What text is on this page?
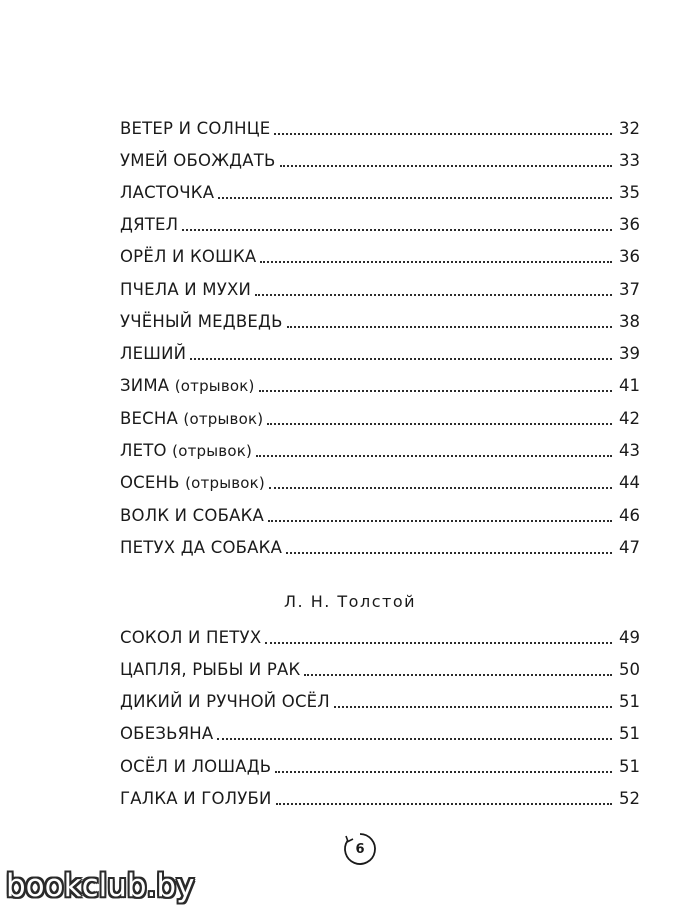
ВЕТЕР И СОЛНЦЕ	32
УМЕЙ ОБОЖДАТЬ	33
ЛАСТОЧКА	35
ДЯТЕЛ	36
ОРЁЛ И КОШКА	36
ПЧЕЛА И МУХИ	37
УЧЁНЫЙ МЕДВЕДЬ	38
ЛЕШИЙ	39
ЗИМА (отрывок)	41
ВЕСНА (отрывок)	42
ЛЕТО (отрывок)	43
ОСЕНЬ (отрывок)	44
ВОЛК И СОБАКА	46
ПЕТУХ ДА СОБАКА	47
СОКОЛ И ПЕТУХ	49
ЦАПЛЯ, РЫБЫ И РАК	50
ДИКИЙ И РУЧНОЙ ОСЁЛ	51
ОБЕЗЬЯНА	51
ОСЁЛ И ЛОШАДЬ	51
ГАЛКА И ГОЛУБИ	52
Л. Н. Толстой
6
bookclub.by
